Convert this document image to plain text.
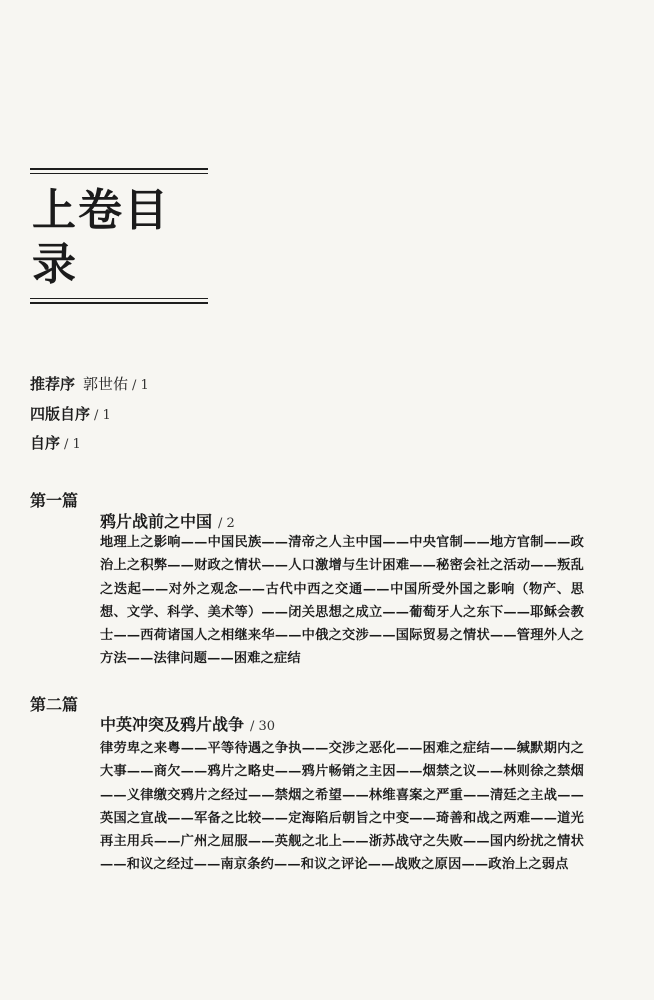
上卷目录
推荐序 郭世佑 / 1
四版自序 / 1
自序 / 1
第一篇
鸦片战前之中国 / 2
地理上之影响——中国民族——清帝之人主中国——中央官制——地方官制——政治上之积弊——财政之情状——人口激增与生计困难——秘密会社之活动——叛乱之迭起——对外之观念——古代中西之交通——中国所受外国之影响（物产、思想、文学、科学、美术等）——闭关思想之成立——葡萄牙人之东下——耶稣会教士——西荷诸国人之相继来华——中俄之交涉——国际贸易之情状——管理外人之方法——法律问题——困难之症结
第二篇
中英冲突及鸦片战争 / 30
律劳卑之来粤——平等待遇之争执——交涉之恶化——困难之症结——缄默期内之大事——商欠——鸦片之略史——鸦片畅销之主因——烟禁之议——林则徐之禁烟——义律缴交鸦片之经过——禁烟之希望——林维喜案之严重——清廷之主战——英国之宣战——军备之比较——定海陷后朝旨之中变——琦善和战之两难——道光再主用兵——广州之屈服——英舰之北上——浙苏战守之失败——国内纷扰之情状——和议之经过——南京条约——和议之评论——战败之原因——政治上之弱点
